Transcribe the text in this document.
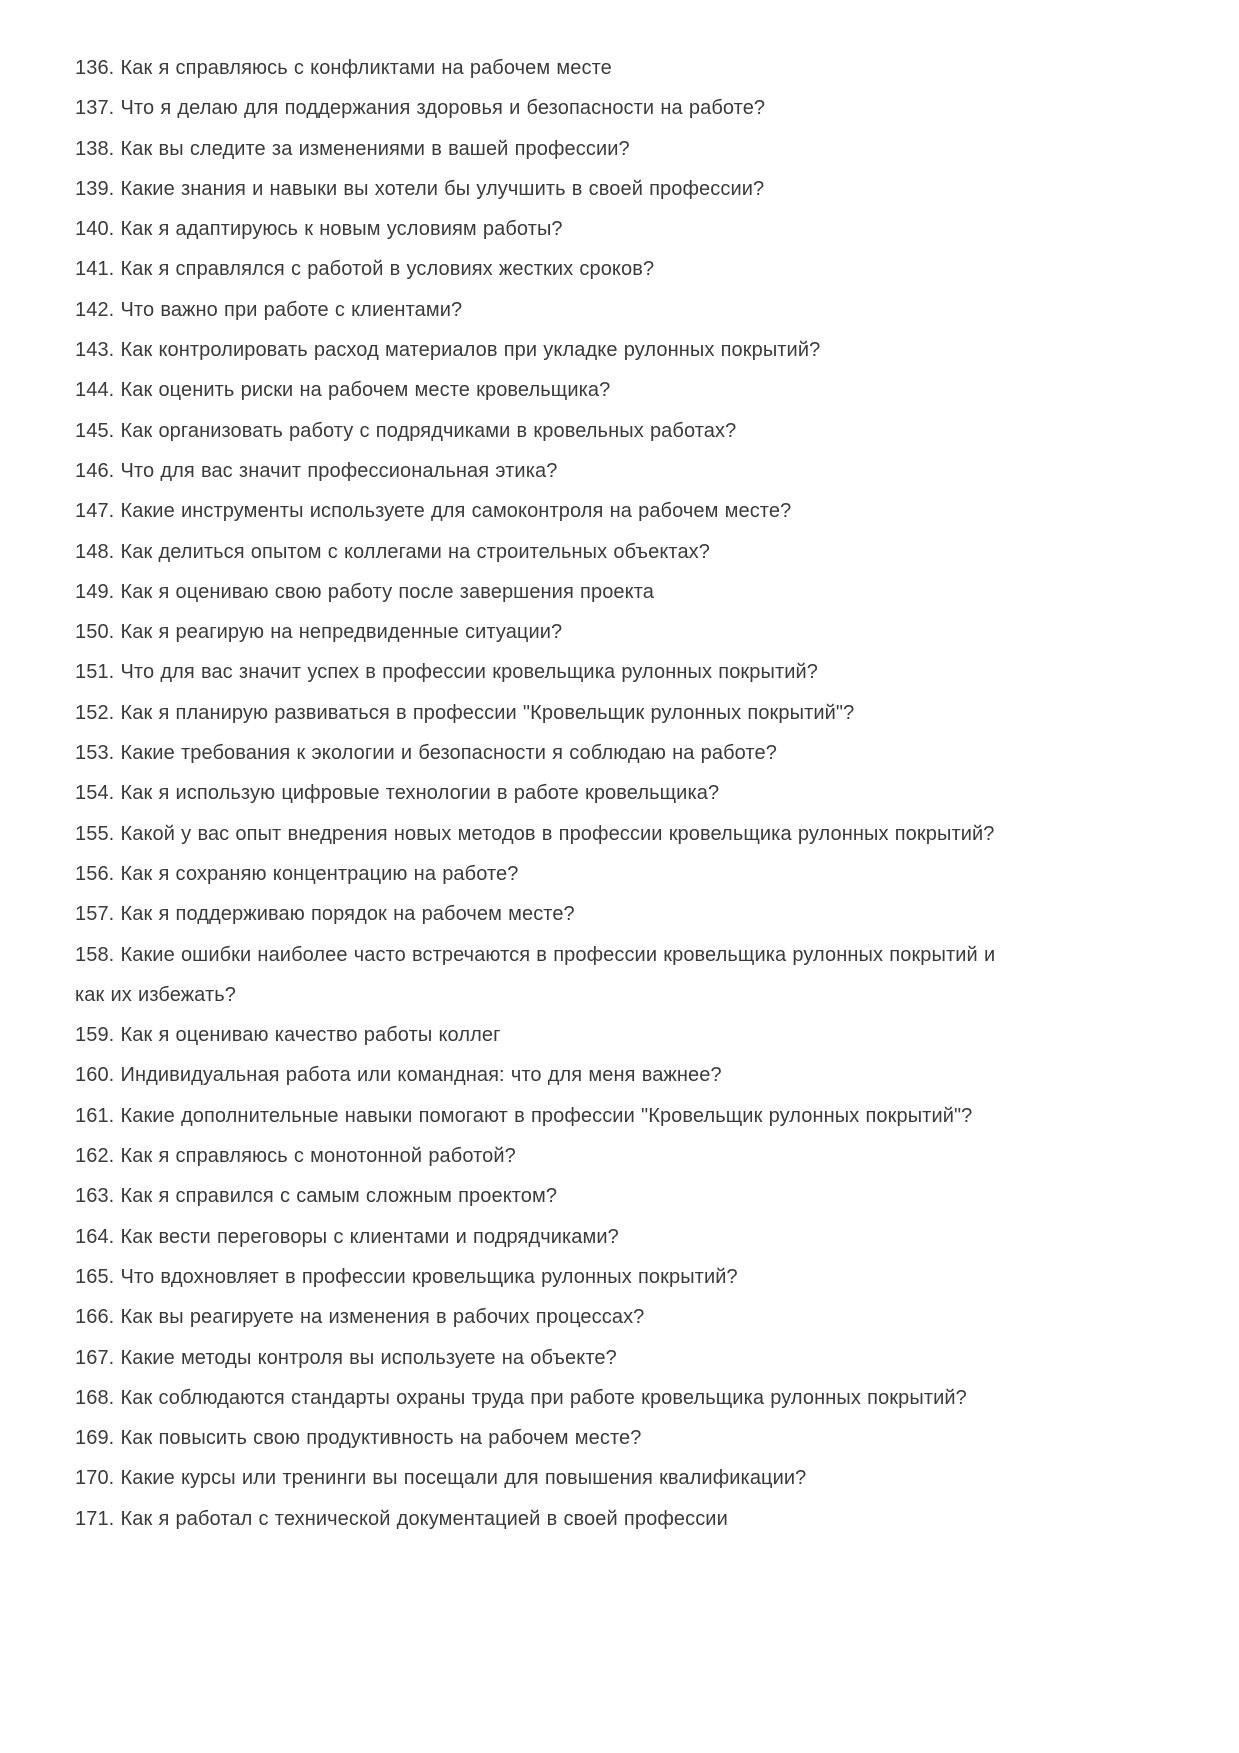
136. Как я справляюсь с конфликтами на рабочем месте

137. Что я делаю для поддержания здоровья и безопасности на работе?

138. Как вы следите за изменениями в вашей профессии?

139. Какие знания и навыки вы хотели бы улучшить в своей профессии?

140. Как я адаптируюсь к новым условиям работы?

141. Как я справлялся с работой в условиях жестких сроков?

142. Что важно при работе с клиентами?

143. Как контролировать расход материалов при укладке рулонных покрытий?

144. Как оценить риски на рабочем месте кровельщика?

145. Как организовать работу с подрядчиками в кровельных работах?

146. Что для вас значит профессиональная этика?

147. Какие инструменты используете для самоконтроля на рабочем месте?

148. Как делиться опытом с коллегами на строительных объектах?

149. Как я оцениваю свою работу после завершения проекта

150. Как я реагирую на непредвиденные ситуации?

151. Что для вас значит успех в профессии кровельщика рулонных покрытий?

152. Как я планирую развиваться в профессии "Кровельщик рулонных покрытий"?

153. Какие требования к экологии и безопасности я соблюдаю на работе?

154. Как я использую цифровые технологии в работе кровельщика?

155. Какой у вас опыт внедрения новых методов в профессии кровельщика рулонных покрытий?

156. Как я сохраняю концентрацию на работе?

157. Как я поддерживаю порядок на рабочем месте?

158. Какие ошибки наиболее часто встречаются в профессии кровельщика рулонных покрытий и как их избежать?

159. Как я оцениваю качество работы коллег

160. Индивидуальная работа или командная: что для меня важнее?

161. Какие дополнительные навыки помогают в профессии "Кровельщик рулонных покрытий"?

162. Как я справляюсь с монотонной работой?

163. Как я справился с самым сложным проектом?

164. Как вести переговоры с клиентами и подрядчиками?

165. Что вдохновляет в профессии кровельщика рулонных покрытий?

166. Как вы реагируете на изменения в рабочих процессах?

167. Какие методы контроля вы используете на объекте?

168. Как соблюдаются стандарты охраны труда при работе кровельщика рулонных покрытий?

169. Как повысить свою продуктивность на рабочем месте?

170. Какие курсы или тренинги вы посещали для повышения квалификации?

171. Как я работал с технической документацией в своей профессии
